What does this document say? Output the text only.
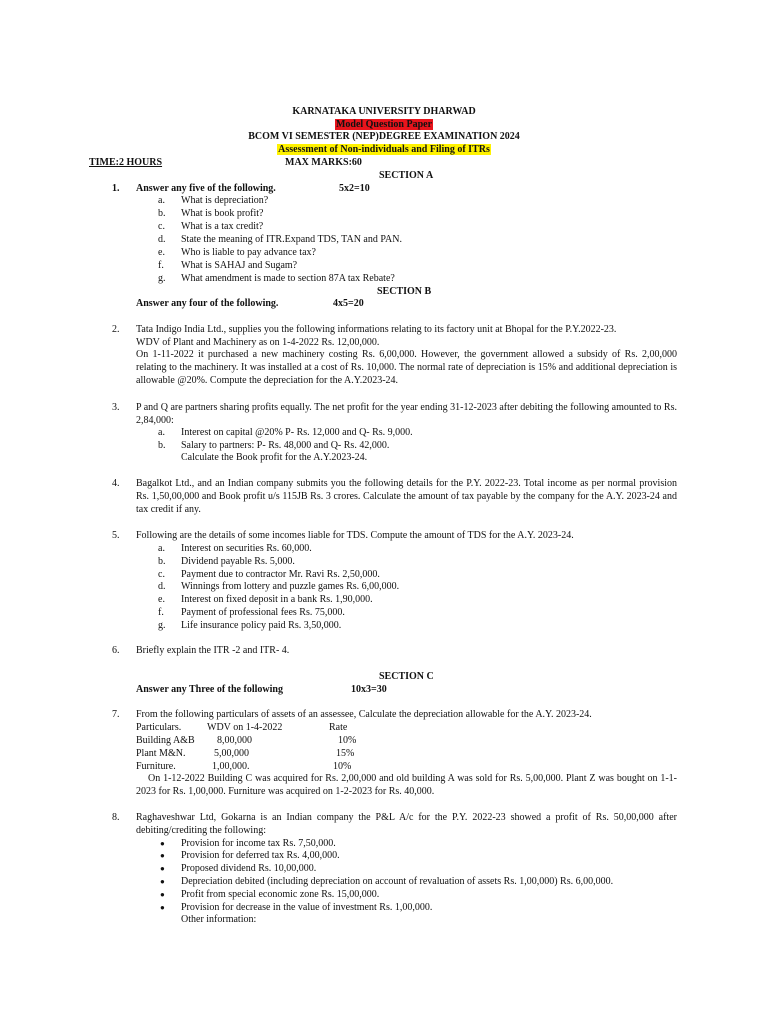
KARNATAKA UNIVERSITY DHARWAD
Model Question Paper
BCOM VI SEMESTER (NEP)DEGREE EXAMINATION 2024
Assessment of Non-individuals and Filing of ITRs
TIME:2 HOURS	MAX MARKS:60
SECTION A
1. Answer any five of the following.	5x2=10
a. What is depreciation?
b. What is book profit?
c. What is a tax credit?
d. State the meaning of ITR.Expand TDS, TAN and PAN.
e. Who is liable to pay advance tax?
f. What is SAHAJ and Sugam?
g. What amendment is made to section 87A tax Rebate?
SECTION B
Answer any four of the following.	4x5=20
2. Tata Indigo India Ltd., supplies you the following informations relating to its factory unit at Bhopal for the P.Y.2022-23.
WDV of Plant and Machinery as on 1-4-2022 Rs. 12,00,000.
On 1-11-2022 it purchased a new machinery costing Rs. 6,00,000. However, the government allowed a subsidy of Rs. 2,00,000 relating to the machinery. It was installed at a cost of Rs. 10,000. The normal rate of depreciation is 15% and additional depreciation is allowable @20%. Compute the depreciation for the A.Y.2023-24.
3. P and Q are partners sharing profits equally. The net profit for the year ending 31-12-2023 after debiting the following amounted to Rs. 2,84,000:
a. Interest on capital @20% P- Rs. 12,000 and Q- Rs. 9,000.
b. Salary to partners: P- Rs. 48,000 and Q- Rs. 42,000.
Calculate the Book profit for the A.Y.2023-24.
4. Bagalkot Ltd., and an Indian company submits you the following details for the P.Y. 2022-23. Total income as per normal provision Rs. 1,50,00,000 and Book profit u/s 115JB Rs. 3 crores. Calculate the amount of tax payable by the company for the A.Y. 2023-24 and tax credit if any.
5. Following are the details of some incomes liable for TDS. Compute the amount of TDS for the A.Y. 2023-24.
a. Interest on securities Rs. 60,000.
b. Dividend payable Rs. 5,000.
c. Payment due to contractor Mr. Ravi Rs. 2,50,000.
d. Winnings from lottery and puzzle games Rs. 6,00,000.
e. Interest on fixed deposit in a bank Rs. 1,90,000.
f. Payment of professional fees Rs. 75,000.
g. Life insurance policy paid Rs. 3,50,000.
6. Briefly explain the ITR -2 and ITR- 4.
SECTION C
Answer any Three of the following	10x3=30
7. From the following particulars of assets of an assessee, Calculate the depreciation allowable for the A.Y. 2023-24.
Particulars.	WDV on 1-4-2022	Rate
Building A&B 8,00,000	10%
Plant M&N.	5,00,000	15%
Furniture.	1,00,000.	10%
On 1-12-2022 Building C was acquired for Rs. 2,00,000 and old building A was sold for Rs. 5,00,000. Plant Z was bought on 1-1-2023 for Rs. 1,00,000. Furniture was acquired on 1-2-2023 for Rs. 40,000.
8. Raghaveshwar Ltd, Gokarna is an Indian company the P&L A/c for the P.Y. 2022-23 showed a profit of Rs. 50,00,000 after debiting/crediting the following:
● Provision for income tax Rs. 7,50,000.
● Provision for deferred tax Rs. 4,00,000.
● Proposed dividend Rs. 10,00,000.
● Depreciation debited (including depreciation on account of revaluation of assets Rs. 1,00,000) Rs. 6,00,000.
● Profit from special economic zone Rs. 15,00,000.
● Provision for decrease in the value of investment Rs. 1,00,000.
Other information:
